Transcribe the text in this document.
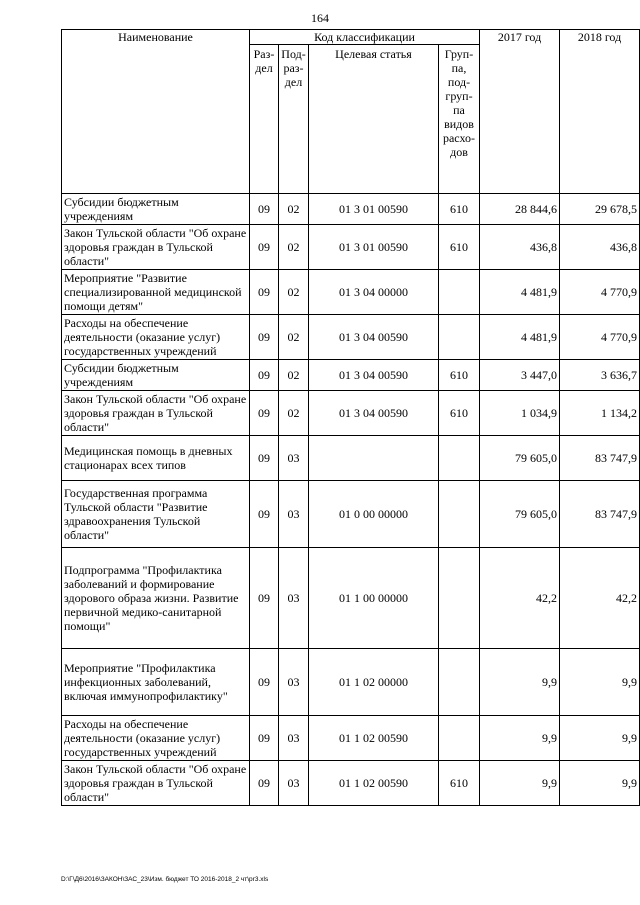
164
Наименование	Код классификации				2017 год	2018 год
	Раз-дел	Под-раз-дел	Целевая статья	Груп-па, под-груп-па видов расхо-дов		
Субсидии бюджетным учреждениям	09	02	01 3 01 00590	610	28 844,6	29 678,5
Закон Тульской области "Об охране здоровья граждан в Тульской области"	09	02	01 3 01 00590	610	436,8	436,8
Мероприятие "Развитие специализированной медицинской помощи детям"	09	02	01 3 04 00000		4 481,9	4 770,9
Расходы на обеспечение деятельности (оказание услуг) государственных учреждений	09	02	01 3 04 00590		4 481,9	4 770,9
Субсидии бюджетным учреждениям	09	02	01 3 04 00590	610	3 447,0	3 636,7
Закон Тульской области "Об охране здоровья граждан в Тульской области"	09	02	01 3 04 00590	610	1 034,9	1 134,2
Медицинская помощь в дневных стационарах всех типов	09	03			79 605,0	83 747,9
Государственная программа Тульской области "Развитие здравоохранения Тульской области"	09	03	01 0 00 00000		79 605,0	83 747,9
Подпрограмма "Профилактика заболеваний и формирование здорового образа жизни. Развитие первичной медико-санитарной помощи"	09	03	01 1 00 00000		42,2	42,2
Мероприятие "Профилактика инфекционных заболеваний, включая иммунопрофилактику"	09	03	01 1 02 00000		9,9	9,9
Расходы на обеспечение деятельности (оказание услуг) государственных учреждений	09	03	01 1 02 00590		9,9	9,9
Закон Тульской области "Об охране здоровья граждан в Тульской области"	09	03	01 1 02 00590	610	9,9	9,9
D:\Г\Д6\2016\ЗАКОН\ЗАС_23\Изм. бюджет ТО 2016-2018_2 чт\pr3.xls
